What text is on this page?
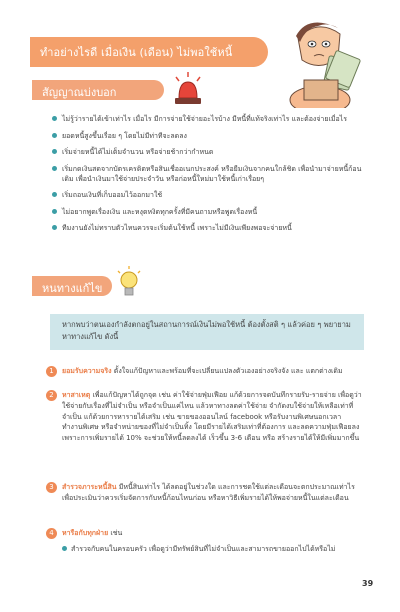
ทำอย่างไรดี เมื่อเงิน (เดือน) ไม่พอใช้หนี้
สัญญาณบ่งบอก
ไม่รู้ว่ารายได้เข้าเท่าไร เมื่อไร มีการจ่ายใช้จ่ายอะไรบ้าง มีหนี้ที่แท้จริงเท่าไร และต้องจ่ายเมื่อไร
ยอดหนี้สูงขึ้นเรื่อย ๆ โดยไม่มีท่าทีจะลดลง
เริ่มจ่ายหนี้ได้ไม่เต็มจำนวน หรือจ่ายช้ากว่ากำหนด
เริ่มกดเงินสดจากบัตรเครดิตหรือสินเชื่ออเนกประสงค์ หรือยืมเงินจากคนใกล้ชิด เพื่อนำมาจ่ายหนี้ก้อนเดิม เพื่อนำเงินมาใช้จ่ายประจำวัน หรือก่อหนี้ใหม่มาใช้หนี้เก่าเรื่อยๆ
เริ่มถอนเงินที่เก็บออมไว้ออกมาใช้
ไม่อยากพูดเรื่องเงิน และหงุดหงิดทุกครั้งที่มีคนถามหรือพูดเรื่องหนี้
ทีมงานยังไม่ทราบตัวไหนควรจะเริ่มต้นใช้หนี้ เพราะไม่มีเงินเพียงพอจะจ่ายหนี้
หนทางแก้ไข
หากพบว่าตนเองกำลังตกอยู่ในสถานการณ์เงินไม่พอใช้หนี้ ต้องตั้งสติ ๆ แล้วค่อย ๆ พยายามหาทางแก้ไข ดังนี้
1	ยอมรับความจริง ตั้งใจแก้ปัญหาและพร้อมที่จะเปลี่ยนแปลงตัวเองอย่างจริงจัง และ แตกต่างเดิม
2	หาสาเหตุ เพื่อแก้ปัญหาได้ถูกจุด เช่น ค่าใช้จ่ายฟุ่มเฟือย แก้ด้วยการจดบันทึกรายรับ-รายจ่าย เพื่อดูว่า ใช้จ่ายกับเรื่องที่ไม่จำเป็น หรือจำเป็นแค่ไหน แล้วหาทางลดค่าใช้จ่าย จำกัดงบใช้จ่ายให้เหลือเท่าที่จำเป็น แก้ด้วยการหารายได้เสริม เช่น ขายของออนไลน์ facebook หรือรับงานพิเศษนอกเวลา ทำงานพิเศษ หรือจำหน่ายของที่ไม่จำเป็นทิ้ง โดยมีรายได้เสริมเท่าที่ต้องการ และลดความฟุ่มเฟือยลง เพราะการเพิ่มรายได้ 10% จะช่วยให้หนี้ลดลงได้ เร็วขึ้น 3-6 เดือน หรือ สร้างรายได้ให้มีเพิ่มมากขึ้น
3	สำรวจภาระหนี้สิน มีหนี้สินเท่าไร ได้ลดอยู่ในช่วงใด และการชดใช้แต่ละเดือนจะตกประมาณเท่าไร เพื่อประเมินว่าควรเริ่มจัดการกับหนี้ก้อนไหนก่อน หรือหาวิธีเพิ่มรายได้ให้พอจ่ายหนี้ในแต่ละเดือน
4	หารือกับทุกฝ่าย เช่น
สำรวจกับคนในครอบครัว เพื่อดูว่ามีทรัพย์สินที่ไม่จำเป็นและสามารถขายออกไปได้หรือไม่
39
